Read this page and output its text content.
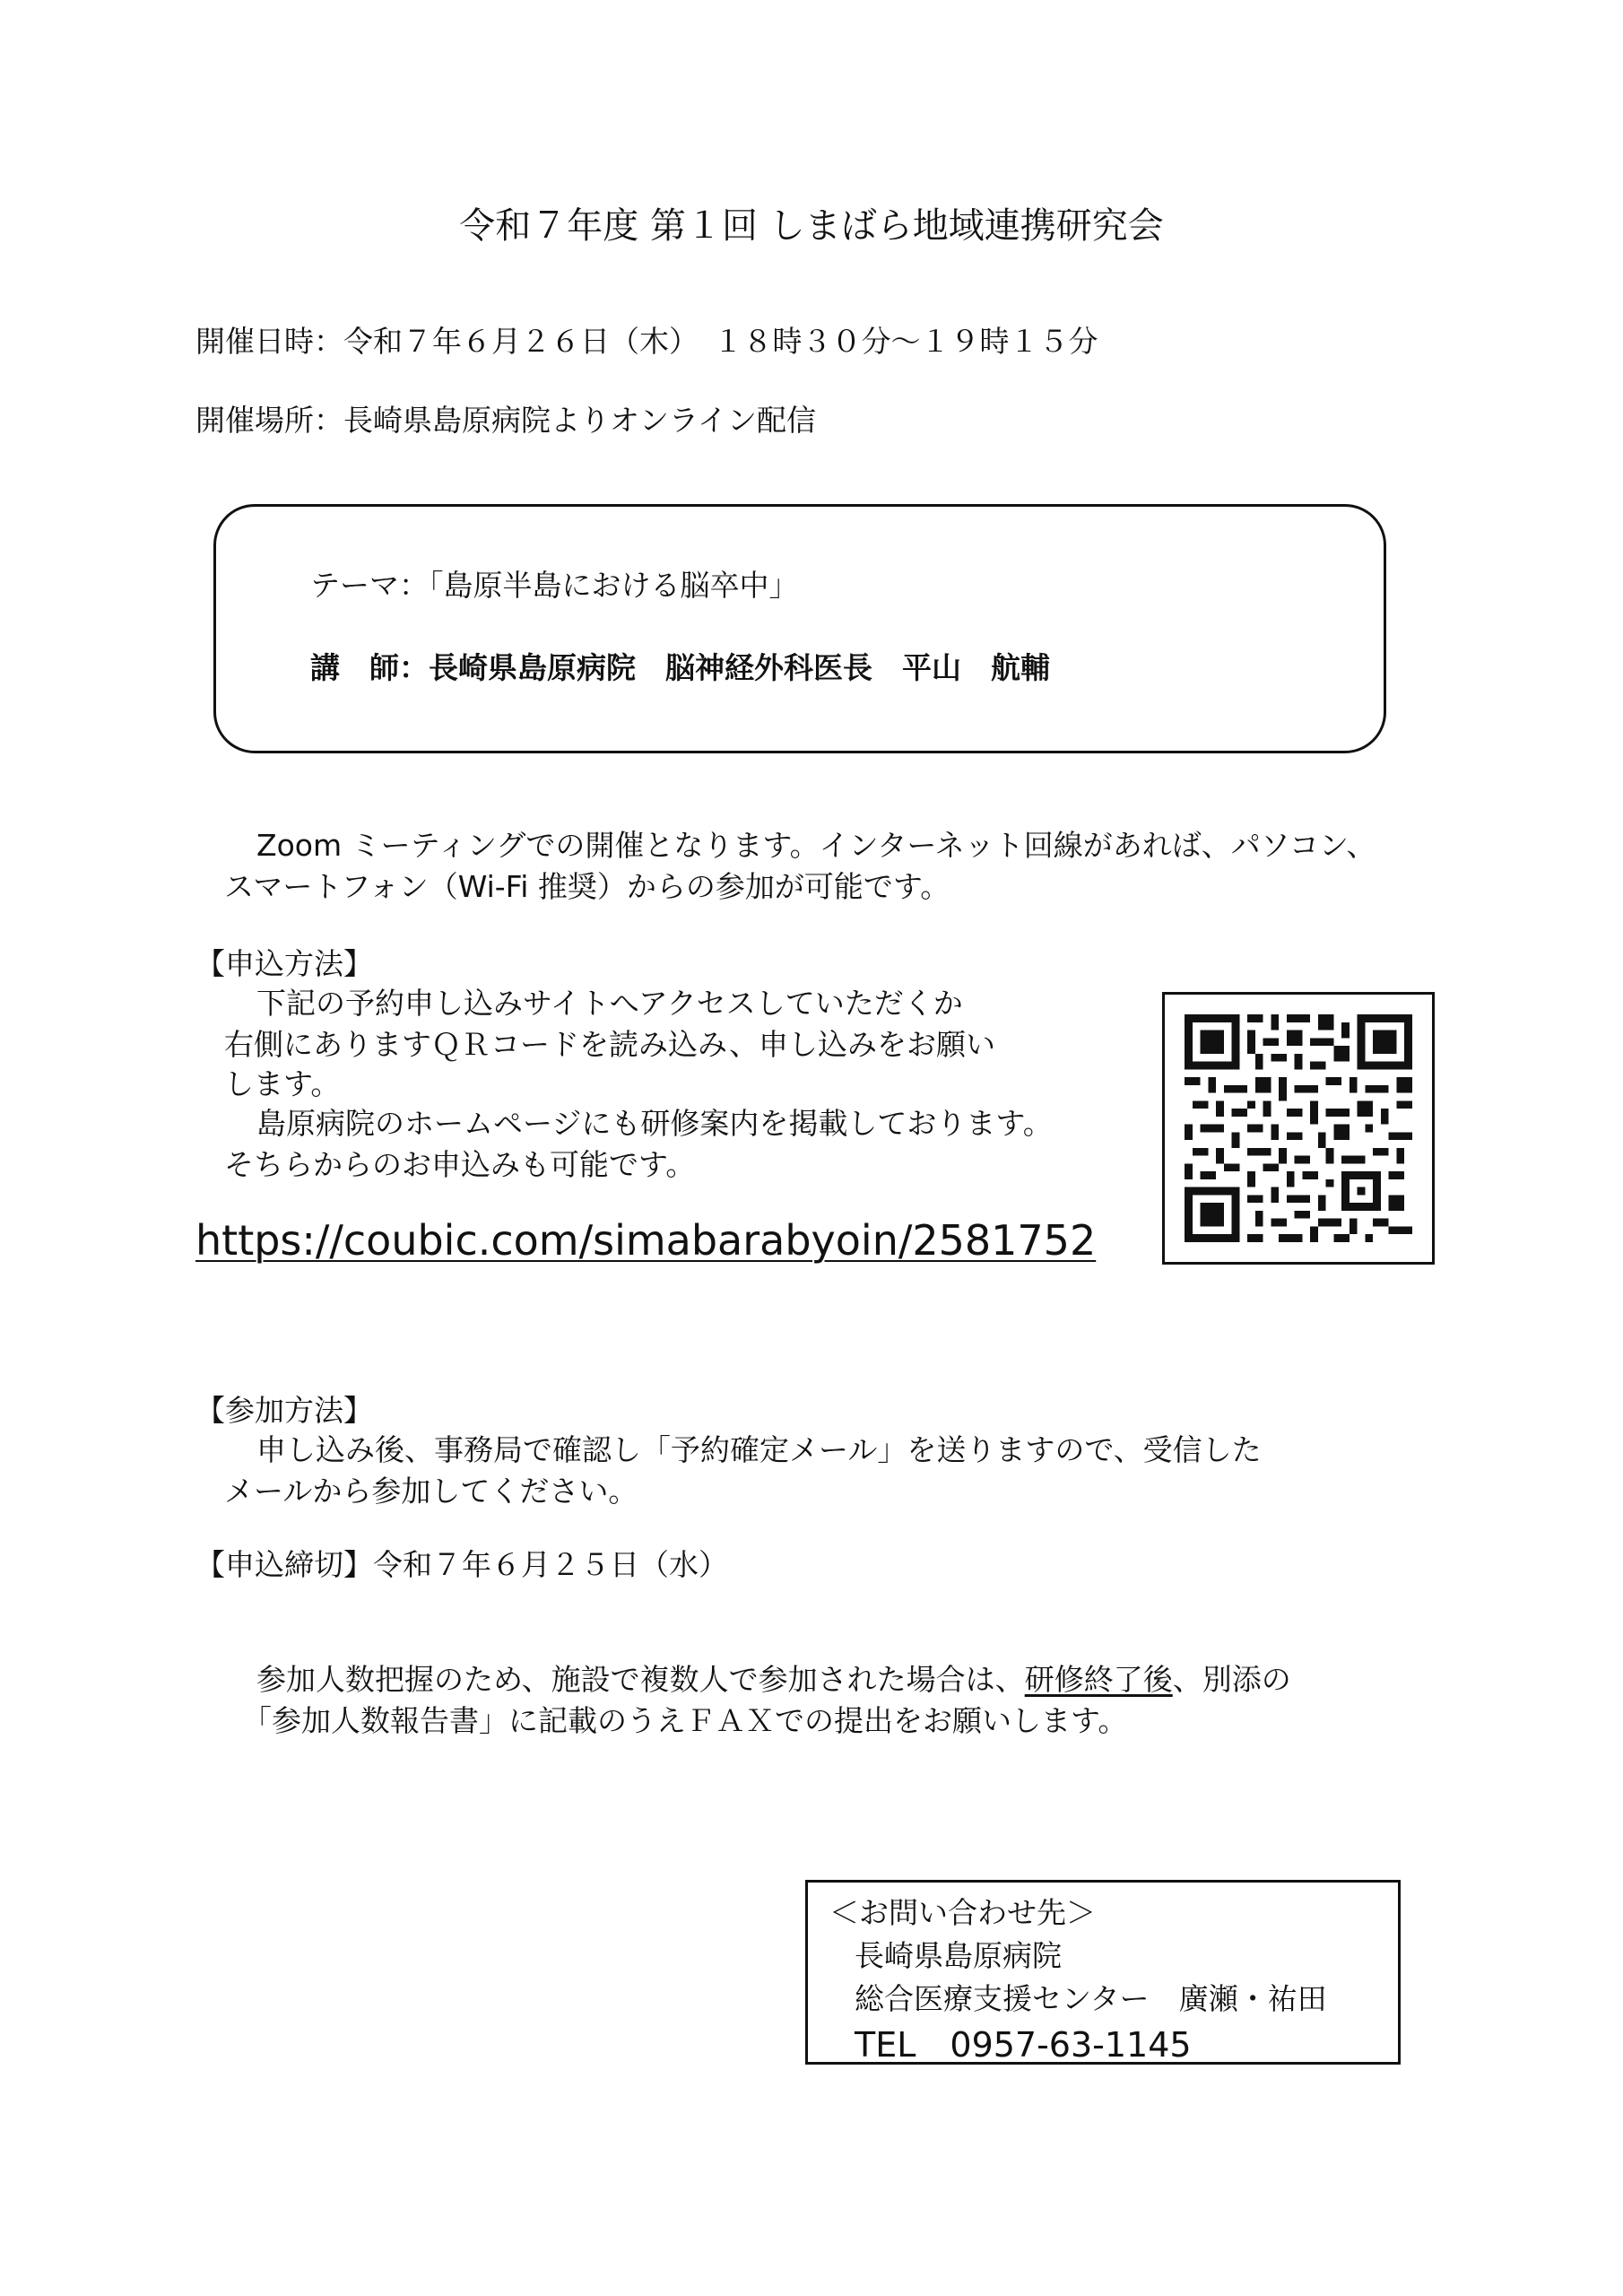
令和７年度 第１回 しまばら地域連携研究会
開催日時：令和７年６月２６日（木）　１８時３０分～１９時１５分
開催場所：長崎県島原病院よりオンライン配信
テーマ：「島原半島における脳卒中」
講　師：長崎県島原病院　脳神経外科医長　平山　航輔
Zoom ミーティングでの開催となります。インターネット回線があれば、パソコン、
スマートフォン（Wi-Fi 推奨）からの参加が可能です。
【申込方法】
下記の予約申し込みサイトへアクセスしていただくか
右側にありますＱＲコードを読み込み、申し込みをお願い
します。
島原病院のホームページにも研修案内を掲載しております。
そちらからのお申込みも可能です。
https://coubic.com/simabarabyoin/2581752
【参加方法】
申し込み後、事務局で確認し「予約確定メール」を送りますので、受信した
メールから参加してください。
【申込締切】令和７年６月２５日（水）
参加人数把握のため、施設で複数人で参加された場合は、研修終了後、別添の
「参加人数報告書」に記載のうえＦＡＸでの提出をお願いします。
＜お問い合わせ先＞
長崎県島原病院
総合医療支援センター　廣瀬・祐田
TEL　0957-63-1145
